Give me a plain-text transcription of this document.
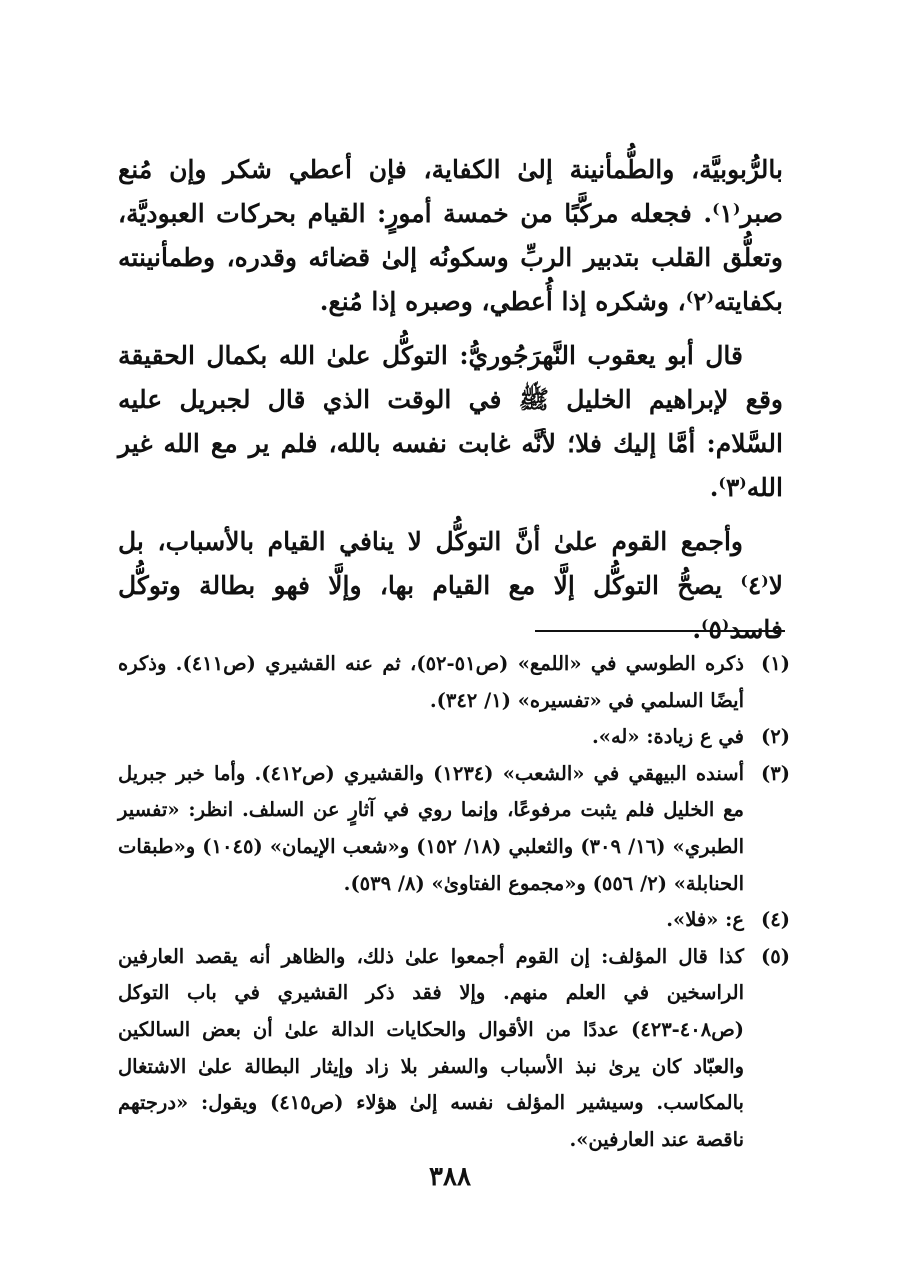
بالرُّبوبيَّة، والطُّمأنينة إلىٰ الكفاية، فإن أعطي شكر وإن مُنع صبر⁽١⁾. فجعله مركَّبًا من خمسة أمورٍ: القيام بحركات العبوديَّة، وتعلُّق القلب بتدبير الربِّ وسكونُه إلىٰ قضائه وقدره، وطمأنينته بكفايته⁽٢⁾، وشكره إذا أُعطي، وصبره إذا مُنع.

قال أبو يعقوب النَّهرَجُوريُّ: التوكُّل علىٰ الله بكمال الحقيقة وقع لإبراهيم الخليل ﷺ في الوقت الذي قال لجبريل عليه السَّلام: أمَّا إليك فلا؛ لأنَّه غابت نفسه بالله، فلم ير مع الله غير الله⁽٣⁾.

وأجمع القوم علىٰ أنَّ التوكُّل لا ينافي القيام بالأسباب، بل لا⁽٤⁾ يصحُّ التوكُّل إلَّا مع القيام بها، وإلَّا فهو بطالة وتوكُّل فاسد⁽٥⁾.

(١)
ذكره الطوسي في «اللمع» (ص٥١-٥٢)، ثم عنه القشيري (ص٤١١). وذكره أيضًا السلمي في «تفسيره» (١/ ٣٤٢).
(٢)
في ع زيادة: «له».
(٣)
أسنده البيهقي في «الشعب» (١٢٣٤) والقشيري (ص٤١٢). وأما خبر جبريل مع الخليل فلم يثبت مرفوعًا، وإنما روي في آثارٍ عن السلف. انظر: «تفسير الطبري» (١٦/ ٣٠٩) والثعلبي (١٨/ ١٥٢) و«شعب الإيمان» (١٠٤٥) و«طبقات الحنابلة» (٢/ ٥٥٦) و«مجموع الفتاوىٰ» (٨/ ٥٣٩).
(٤)
ع: «فلا».
(٥)
كذا قال المؤلف: إن القوم أجمعوا علىٰ ذلك، والظاهر أنه يقصد العارفين الراسخين في العلم منهم. وإلا فقد ذكر القشيري في باب التوكل (ص٤٠٨-٤٢٣) عددًا من الأقوال والحكايات الدالة علىٰ أن بعض السالكين والعبّاد كان يرىٰ نبذ الأسباب والسفر بلا زاد وإيثار البطالة علىٰ الاشتغال بالمكاسب. وسيشير المؤلف نفسه إلىٰ هؤلاء (ص٤١٥) ويقول: «درجتهم ناقصة عند العارفين».
٣٨٨
